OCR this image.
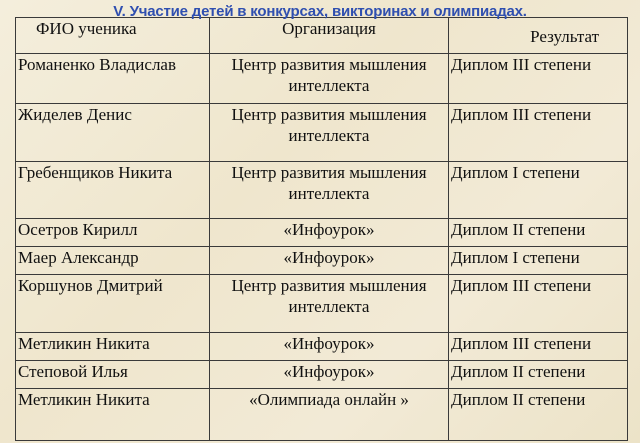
V. Участие детей в конкурсах, викторинах и олимпиадах.
ФИО ученика	Организация	Результат

Романенко Владислав	Центр развития мышления интеллекта	Диплом III степени
Жиделев Денис	Центр развития мышления интеллекта	Диплом III степени
Гребенщиков Никита	Центр развития мышления интеллекта	Диплом I степени
Осетров Кирилл	«Инфоурок»	Диплом II степени
Маер Александр	«Инфоурок»	Диплом I степени
Коршунов Дмитрий	Центр развития мышления интеллекта	Диплом III степени
Метликин Никита	«Инфоурок»	Диплом III степени
Степовой Илья	«Инфоурок»	Диплом II степени
Метликин Никита	«Олимпиада онлайн »	Диплом II степени
